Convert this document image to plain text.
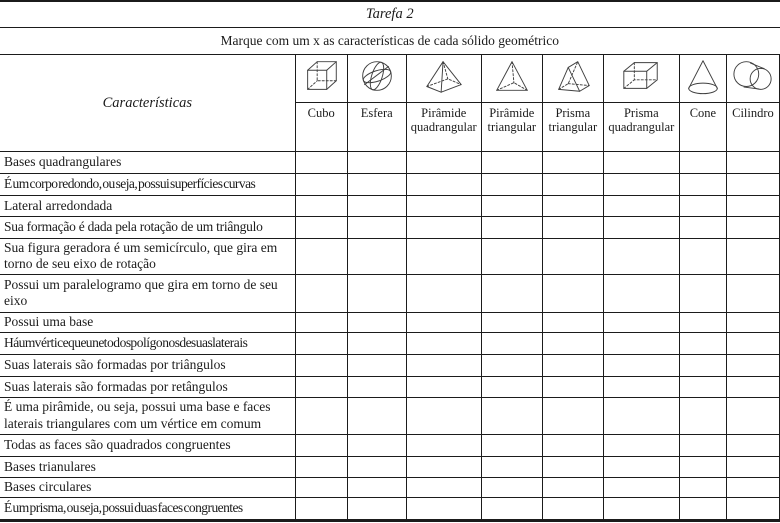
Tarefa 2								
Marque com um x as características de cada sólido geométrico								
Características								
	Cubo	Esfera	Pirâmide quadrangular	Pirâmide triangular	Prisma triangular	Prisma quadrangular	Cone	Cilindro
Bases quadrangulares								
É um corpo redondo, ou seja, possui superfícies curvas								
Lateral arredondada								
Sua formação é dada pela rotação de um triângulo								
Sua figura geradora é um semicírculo, que gira em torno de seu eixo de rotação								
Possui um paralelogramo que gira em torno de seu eixo								
Possui uma base								
Há um vértice que une todos polígonos de suas laterais								
Suas laterais são formadas por triângulos								
Suas laterais são formadas por retângulos								
É uma pirâmide, ou seja, possui uma base e faces laterais triangulares com um vértice em comum								
Todas as faces são quadrados congruentes								
Bases trianulares								
Bases circulares								
É um prisma, ou seja, possui duas faces congruentes								
